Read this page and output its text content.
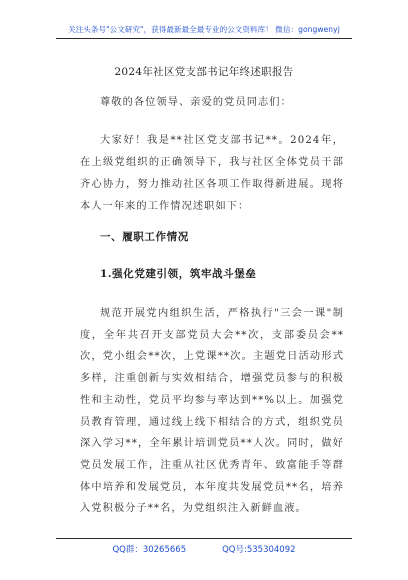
关注头条号"公文研究"，获得最新最全最专业的公文资料库！ 微信：gongwenyj
2024年社区党支部书记年终述职报告
尊敬的各位领导、亲爱的党员同志们：
大家好！我是**社区党支部书记**。2024年，在上级党组织的正确领导下，我与社区全体党员干部齐心协力，努力推动社区各项工作取得新进展。现将本人一年来的工作情况述职如下：
一、履职工作情况
1.强化党建引领，筑牢战斗堡垒
规范开展党内组织生活，严格执行"三会一课"制度，全年共召开支部党员大会**次，支部委员会**次，党小组会**次，上党课**次。主题党日活动形式多样，注重创新与实效相结合，增强党员参与的积极性和主动性，党员平均参与率达到**%以上。加强党员教育管理，通过线上线下相结合的方式，组织党员深入学习**，全年累计培训党员**人次。同时，做好党员发展工作，注重从社区优秀青年、致富能手等群体中培养和发展党员，本年度共发展党员**名，培养入党积极分子**名，为党组织注入新鲜血液。
QQ群：30265665	QQ号:535304092
